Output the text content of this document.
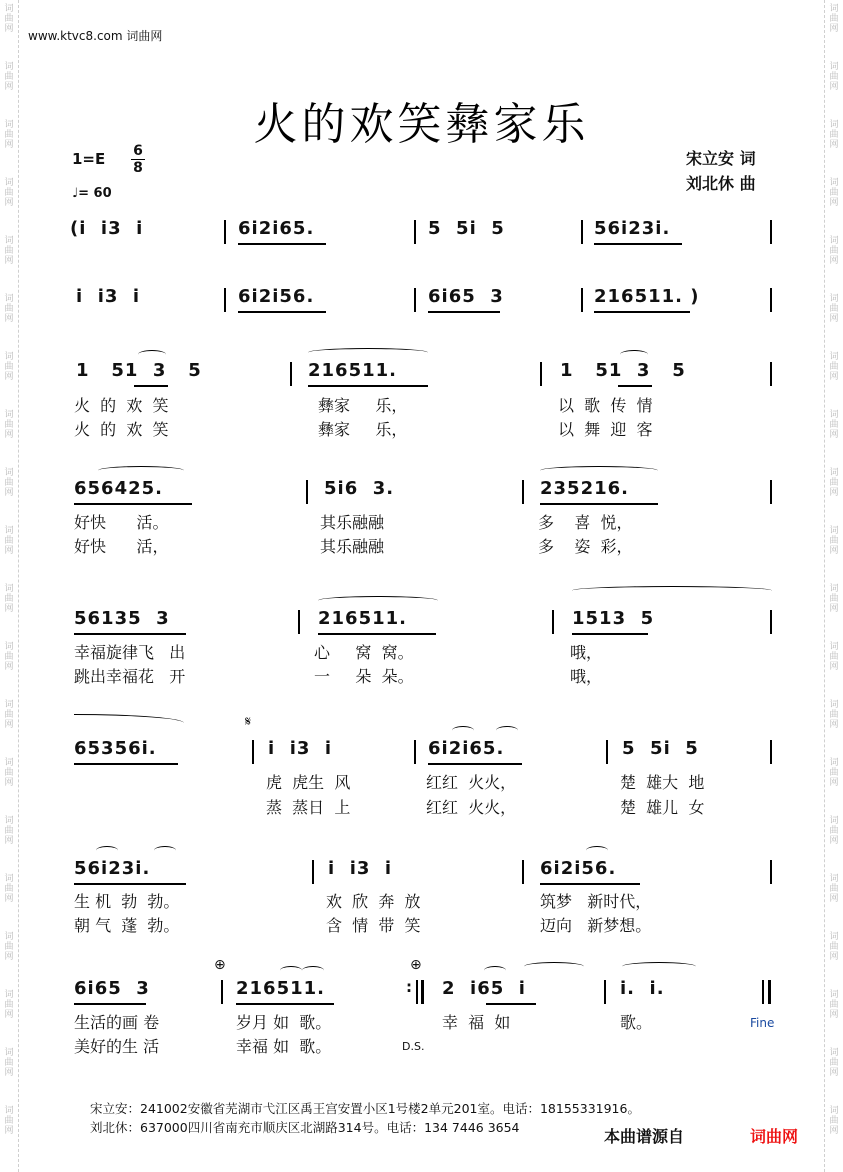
词
曲
网
词
曲
网
词
曲
网
词
曲
网
词
曲
网
词
曲
网
词
曲
网
词
曲
网
词
曲
网
词
曲
网
词
曲
网
词
曲
网
词
曲
网
词
曲
网
词
曲
网
词
曲
网
词
曲
网
词
曲
网
词
曲
网
词
曲
网
词
曲
网
词
曲
网
词
曲
网
词
曲
网
词
曲
网
词
曲
网
词
曲
网
词
曲
网
词
曲
网
词
曲
网
词
曲
网
词
曲
网
词
曲
网
词
曲
网
词
曲
网
词
曲
网
词
曲
网
词
曲
网
词
曲
网
词
曲
网
www.ktvc8.com 词曲网
火的欢笑彝家乐
1=E 6
8
♩= 60
宋立安 词
刘北休 曲
(i  i3  i	6i2i65.	5  5i  5	56i23i.
i  i3  i	6i2i56.	6i65  3	216511. )
1   51  3   5	216511.	1   51  3   5
火  的  欢  笑	彝家     乐，	以  歌  传  情
火  的  欢  笑	彝家     乐，	以  舞  迎  客
656425.	5i6  3.	235216.
好快      活。	其乐融融	多    喜  悦，
好快      活，	其乐融融	多    姿  彩，
56135  3	216511.	1513  5
幸福旋律飞   出	心     窝  窝。	哦，
跳出幸福花   开	一     朵  朵。	哦，
65356i.
𝄋
i  i3  i	6i2i65.	5  5i  5
虎  虎生  风	红红  火火，	楚  雄大  地
蒸  蒸日  上	红红  火火，	楚  雄儿  女
56i23i.	i  i3  i	6i2i56.
生 机  勃  勃。	欢  欣  奔  放	筑梦   新时代，
朝 气  蓬  勃。	含  情  带  笑	迈向   新梦想。
6i65  3
⊕
216511.
⊕
: 2  i65  i	i.  i.
生活的画 卷	岁月 如  歌。	幸  福  如	歌。
美好的生 活	幸福 如  歌。	D.S.
Fine
宋立安：241002安徽省芜湖市弋江区禹王宫安置小区1号楼2单元201室。电话：18155331916。
刘北休：637000四川省南充市顺庆区北湖路314号。电话：134 7446 3654	本曲谱源自	词曲网
